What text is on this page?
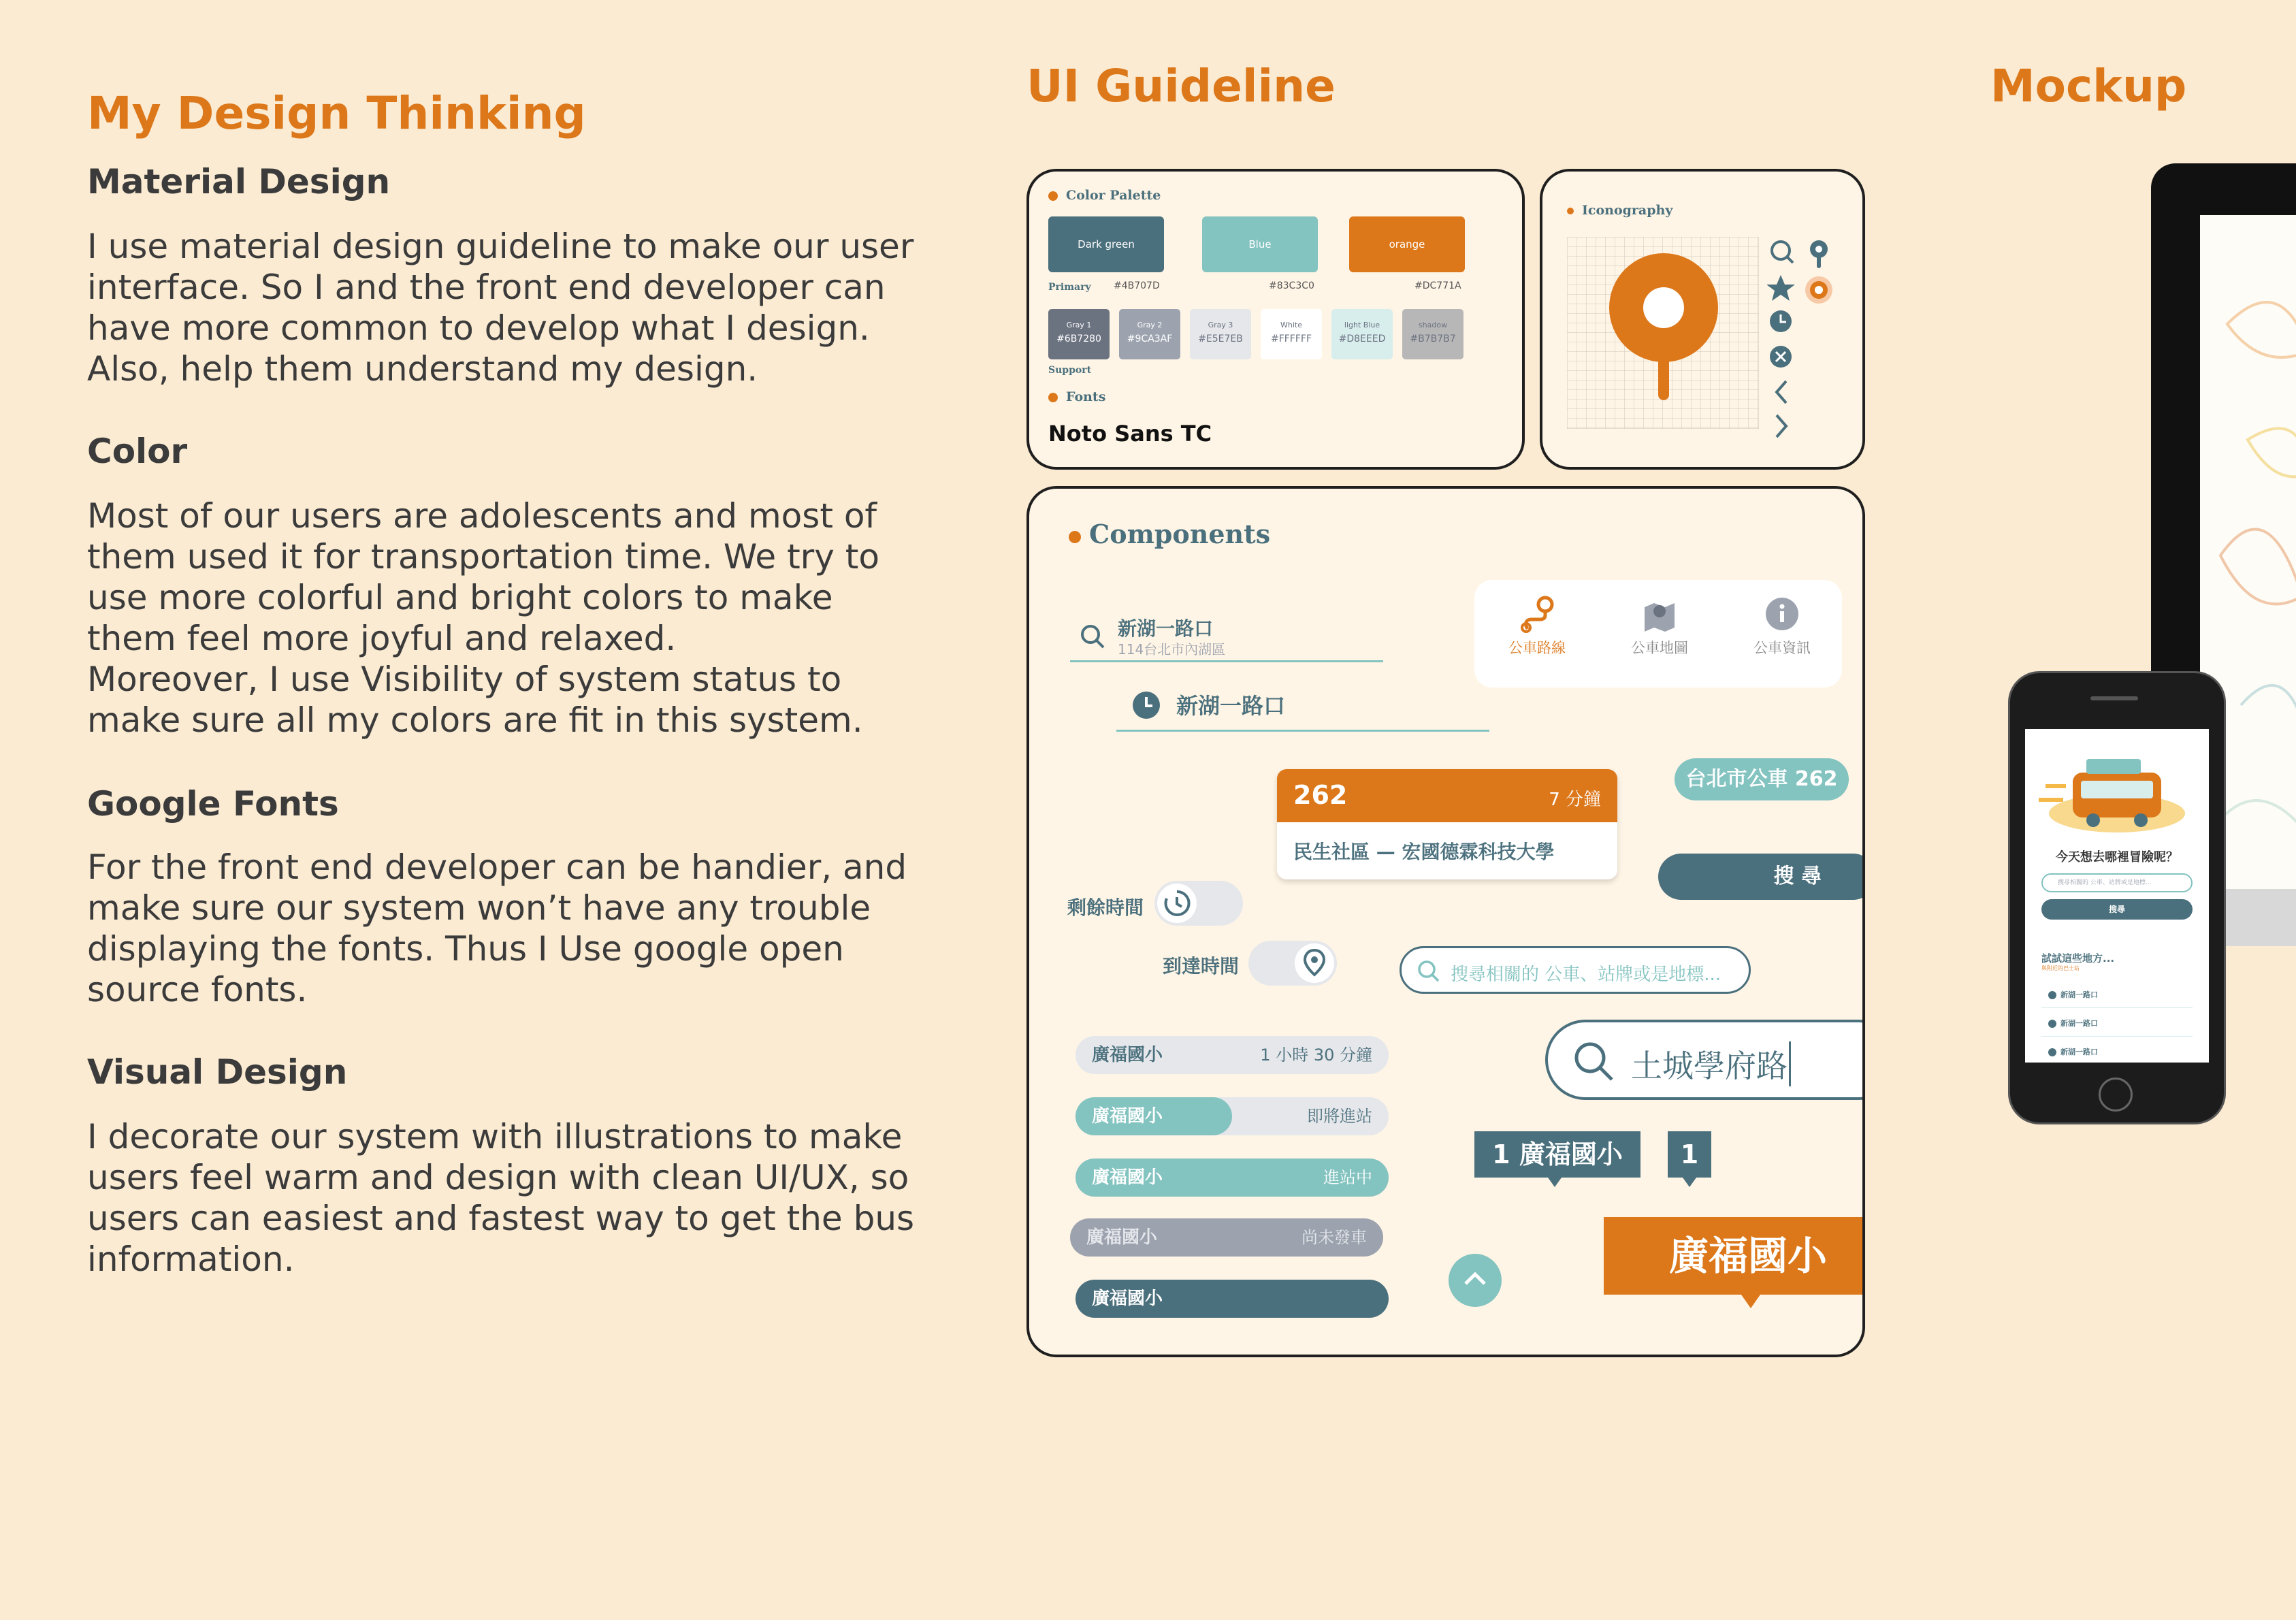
My Design Thinking
Material Design
I use material design guideline to make our user
interface. So I and the front end developer can
have more common to develop what I design.
Also, help them understand my design.
Color
Most of our users are adolescents and most of
them used it for transportation time. We try to
use more colorful and bright colors to make
them feel more joyful and relaxed.
Moreover, I use Visibility of system status to
make sure all my colors are fit in this system.
Google Fonts
For the front end developer can be handier, and
make sure our system won’t have any trouble
displaying the fonts. Thus I Use google open
source fonts.
Visual Design
I decorate our system with illustrations to make
users feel warm and design with clean UI/UX, so
users can easiest and fastest way to get the bus
information.
UI Guideline
Color Palette
Dark green	Blue	orange
Primary #4B707D	#83C3C0	#DC771A
Gray 1
#6B7280
Gray 2
#9CA3AF
Gray 3
#E5E7EB
White
#FFFFFF
light Blue
#D8EEED
shadow
#B7B7B7
Support
Fonts
Noto Sans TC
Iconography
Components
新湖一路口
114台北市內湖區
新湖一路口
公車路線	公車地圖	公車資訊
262	7 分鐘
民生社區 — 宏國德霖科技大學
台北市公車 262
搜 尋
剩餘時間
到達時間	搜尋相關的 公車、站牌或是地標...
土城學府路
廣福國小	1 小時 30 分鐘
廣福國小	即將進站
廣福國小	進站中
廣福國小	尚未發車
廣福國小
1 廣福國小	1
廣福國小
Mockup
今天想去哪裡冒險呢？
搜尋相關的 公車、站牌或是地標...
搜尋
試試這些地方...
與附近的巴士站
新湖一路口
新湖一路口
新湖一路口
